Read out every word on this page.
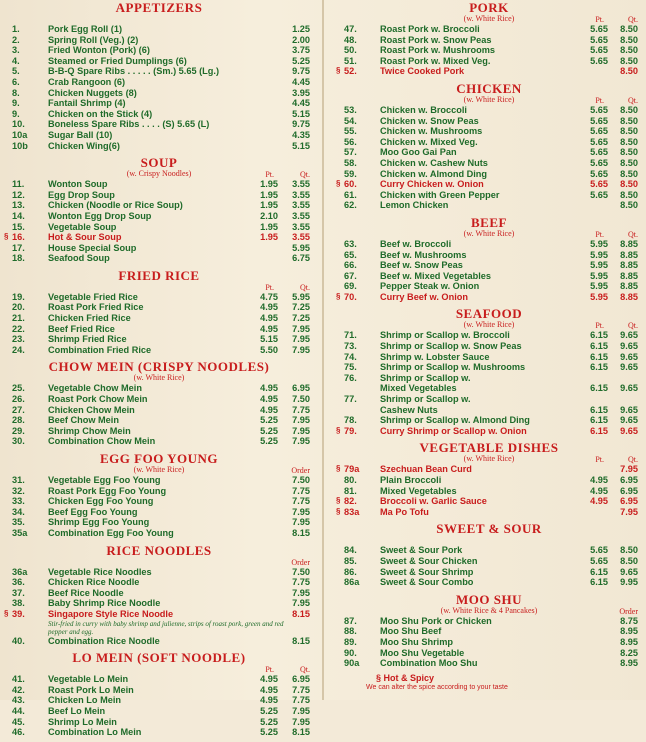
APPETIZERS
1.	Pork Egg Roll (1)	1.25
2.	Spring Roll (Veg.) (2)	2.00
3.	Fried Wonton (Pork) (6)	3.75
4.	Steamed or Fried Dumplings (6)	5.25
5.	B-B-Q Spare Ribs . . . . . (Sm.) 5.65 (Lg.)	9.75
6.	Crab Rangoon (6)	4.45
8.	Chicken Nuggets (8)	3.95
9.	Fantail Shrimp (4)	4.45
9.	Chicken on the Stick (4)	5.15
10.	Boneless Spare Ribs . . . . (S) 5.65 (L)	9.75
10a	Sugar Ball (10)	4.35
10b	Chicken Wing(6)	5.15
SOUP
(w. Crispy Noodles)	Pt.	Qt.
11.	Wonton Soup	1.95 3.55
12.	Egg Drop Soup	1.95 3.55
13.	Chicken (Noodle or Rice Soup)	1.95 3.55
14.	Wonton Egg Drop Soup	2.10 3.55
15.	Vegetable Soup	1.95 3.55
§ 16.	Hot & Sour Soup	1.95 3.55
17.	House Special Soup	5.95
18.	Seafood Soup	6.75
FRIED RICE
Pt.	Qt.
19.	Vegetable Fried Rice	4.75 5.95
20.	Roast Pork Fried Rice	4.95 7.25
21.	Chicken Fried Rice	4.95 7.25
22.	Beef Fried Rice	4.95 7.95
23.	Shrimp Fried Rice	5.15 7.95
24.	Combination Fried Rice	5.50 7.95
CHOW MEIN (CRISPY NOODLES)
(w. White Rice)
25.	Vegetable Chow Mein	4.95 6.95
26.	Roast Pork Chow Mein	4.95 7.50
27.	Chicken Chow Mein	4.95 7.75
28.	Beef Chow Mein	5.25 7.95
29.	Shrimp Chow Mein	5.25 7.95
30.	Combination Chow Mein	5.25 7.95
EGG FOO YOUNG
(w. White Rice)	Order
31.	Vegetable Egg Foo Young	7.50
32.	Roast Pork Egg Foo Young	7.75
33.	Chicken Egg Foo Young	7.75
34.	Beef Egg Foo Young	7.95
35.	Shrimp Egg Foo Young	7.95
35a	Combination Egg Foo Young	8.15
RICE NOODLES
Order
36a	Vegetable Rice Noodles	7.50
36.	Chicken Rice Noodle	7.75
37.	Beef Rice Noodle	7.95
38.	Baby Shrimp Rice Noodle	7.95
§ 39.	Singapore Style Rice Noodle	8.15
Stir-fried in curry with baby shrimp and julienne, strips of roast pork, green and red pepper and egg.
40.	Combination Rice Noodle	8.15
LO MEIN (SOFT NOODLE)
Pt.	Qt.
41.	Vegetable Lo Mein	4.95 6.95
42.	Roast Pork Lo Mein	4.95 7.75
43.	Chicken Lo Mein	4.95 7.75
44.	Beef Lo Mein	5.25 7.95
45.	Shrimp Lo Mein	5.25 7.95
46.	Combination Lo Mein	5.25 8.15
PORK
(w. White Rice)	Pt.	Qt.
47.	Roast Pork w. Broccoli	5.65 8.50
48.	Roast Pork w. Snow Peas	5.65 8.50
50.	Roast Pork w. Mushrooms	5.65 8.50
51.	Roast Pork w. Mixed Veg.	5.65 8.50
§ 52.	Twice Cooked Pork	8.50
CHICKEN
(w. White Rice)	Pt.	Qt.
53.	Chicken w. Broccoli	5.65 8.50
54.	Chicken w. Snow Peas	5.65 8.50
55.	Chicken w. Mushrooms	5.65 8.50
56.	Chicken w. Mixed Veg.	5.65 8.50
57.	Moo Goo Gai Pan	5.65 8.50
58.	Chicken w. Cashew Nuts	5.65 8.50
59.	Chicken w. Almond Ding	5.65 8.50
§ 60.	Curry Chicken w. Onion	5.65 8.50
61.	Chicken with Green Pepper	5.65 8.50
62.	Lemon Chicken	8.50
BEEF
(w. White Rice)	Pt.	Qt.
63.	Beef w. Broccoli	5.95 8.85
65.	Beef w. Mushrooms	5.95 8.85
66.	Beef w. Snow Peas	5.95 8.85
67.	Beef w. Mixed Vegetables	5.95 8.85
69.	Pepper Steak w. Onion	5.95 8.85
§ 70.	Curry Beef w. Onion	5.95 8.85
SEAFOOD
(w. White Rice)	Pt.	Qt.
71.	Shrimp or Scallop w. Broccoli	6.15 9.65
73.	Shrimp or Scallop w. Snow Peas	6.15 9.65
74.	Shrimp w. Lobster Sauce	6.15 9.65
75.	Shrimp or Scallop w. Mushrooms	6.15 9.65
76.	Shrimp or Scallop w.
Mixed Vegetables	6.15 9.65
77.	Shrimp or Scallop w.
Cashew Nuts	6.15 9.65
78.	Shrimp or Scallop w. Almond Ding	6.15 9.65
§ 79.	Curry Shrimp or Scallop w. Onion	6.15 9.65
VEGETABLE DISHES
(w. White Rice)	Pt.	Qt.
§ 79a	Szechuan Bean Curd	7.95
80.	Plain Broccoli	4.95 6.95
81.	Mixed Vegetables	4.95 6.95
§ 82.	Broccoli w. Garlic Sauce	4.95 6.95
§ 83a	Ma Po Tofu	7.95
SWEET & SOUR
84.	Sweet & Sour Pork	5.65 8.50
85.	Sweet & Sour Chicken	5.65 8.50
86.	Sweet & Sour Shrimp	6.15 9.65
86a	Sweet & Sour Combo	6.15 9.95
MOO SHU
(w. White Rice & 4 Pancakes)	Order
87.	Moo Shu Pork or Chicken	8.75
88.	Moo Shu Beef	8.95
89.	Moo Shu Shrimp	8.95
90.	Moo Shu Vegetable	8.25
90a	Combination Moo Shu	8.95
§ Hot & Spicy
We can alter the spice according to your taste
